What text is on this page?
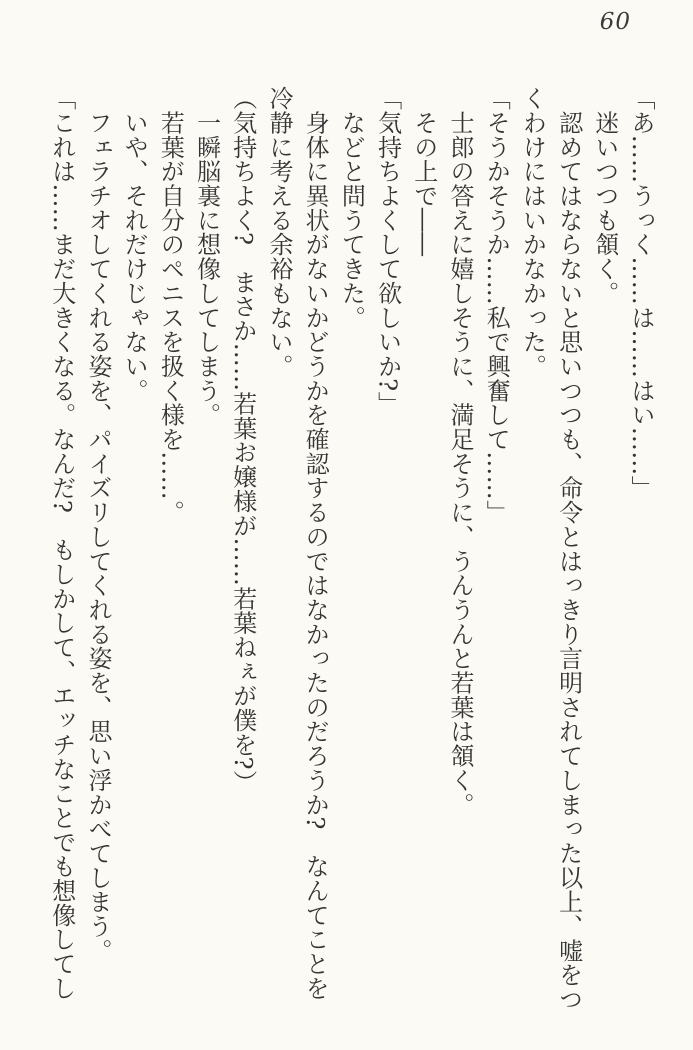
60
「あ……うっく……は……はい……」
　迷いつつも頷く。
　認めてはならないと思いつつも、命令とはっきり言明されてしまった以上、嘘をつ
くわけにはいかなかった。
「そうかそうか……私で興奮して……」
　士郎の答えに嬉しそうに、満足そうに、うんうんと若葉は頷く。
　その上で――
「気持ちよくして欲しいか?」
　などと問うてきた。
　身体に異状がないかどうかを確認するのではなかったのだろうか?　なんてことを
冷静に考える余裕もない。
（気持ちよく?　まさか……若葉お嬢様が……若葉ねぇが僕を?）
　一瞬脳裏に想像してしまう。
　若葉が自分のペニスを扱く様を……。
　いや、それだけじゃない。
　フェラチオしてくれる姿を、パイズリしてくれる姿を、思い浮かべてしまう。
「これは……まだ大きくなる。なんだ?　もしかして、エッチなことでも想像してし
